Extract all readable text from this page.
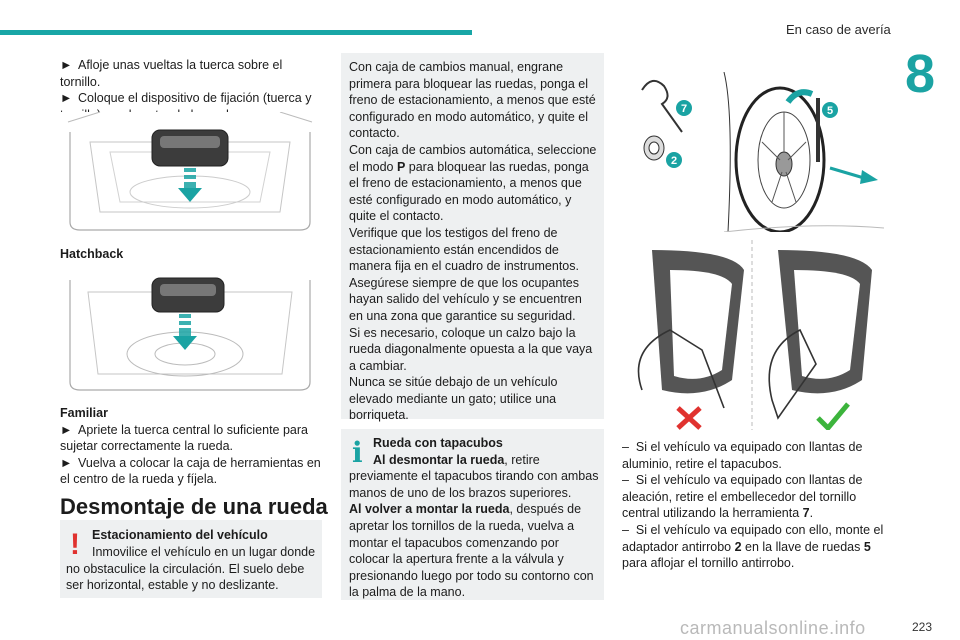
En caso de avería
8

► Afloje unas vueltas la tuerca sobre el tornillo.

► Coloque el dispositivo de fijación (tuerca y

Hatchback

Familiar

► Apriete la tuerca central lo suficiente para sujetar correctamente la rueda.

► Vuelva a colocar la caja de herramientas en el centro de la rueda y fíjela.

Desmontaje de una rueda
! Estacionamiento del vehículo

Inmovilice el vehículo en un lugar donde no obstaculice la circulación. El suelo debe ser horizontal, estable y no deslizante.

Con caja de cambios manual, engrane primera para bloquear las ruedas, ponga el freno de estacionamiento, a menos que esté configurado en modo automático, y quite el contacto.

Con caja de cambios automática, seleccione el modo P para bloquear las ruedas, ponga el freno de estacionamiento, a menos que esté configurado en modo automático, y quite el contacto.

Verifique que los testigos del freno de estacionamiento están encendidos de manera fija en el cuadro de instrumentos.

Asegúrese siempre de que los ocupantes hayan salido del vehículo y se encuentren en una zona que garantice su seguridad.

Si es necesario, coloque un calzo bajo la rueda diagonalmente opuesta a la que vaya a cambiar.

Nunca se sitúe debajo de un vehículo elevado mediante un gato; utilice una borriqueta.

i Rueda con tapacubos

Al desmontar la rueda, retire previamente el tapacubos tirando con ambas manos de uno de los brazos superiores.

Al volver a montar la rueda, después de apretar los tornillos de la rueda, vuelva a montar el tapacubos comenzando por colocar la apertura frente a la válvula y presionando luego por todo su contorno con la palma de la mano.

7
2
5

– Si el vehículo va equipado con llantas de aluminio, retire el tapacubos.

– Si el vehículo va equipado con llantas de aleación, retire el embellecedor del tornillo central utilizando la herramienta 7.

– Si el vehículo va equipado con ello, monte el adaptador antirrobo 2 en la llave de ruedas 5 para aflojar el tornillo antirrobo.

carmanualsonline.info	223
